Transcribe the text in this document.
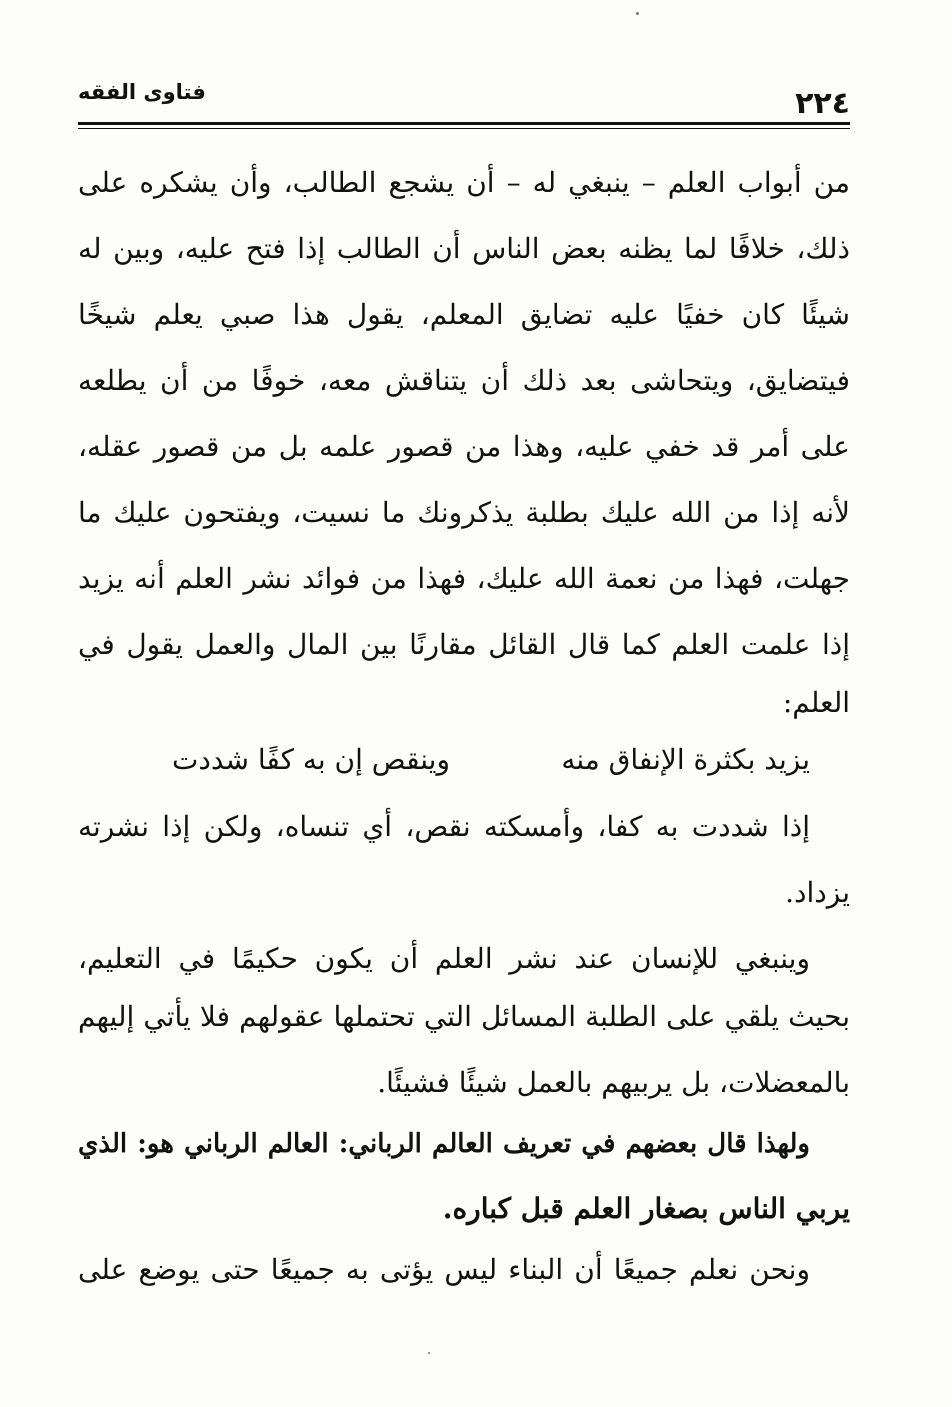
فتاوى الفقه	٢٢٤
من أبواب العلم – ينبغي له – أن يشجع الطالب، وأن يشكره على
ذلك، خلافًا لما يظنه بعض الناس أن الطالب إذا فتح عليه، وبين له
شيئًا كان خفيًا عليه تضايق المعلم، يقول هذا صبي يعلم شيخًا
فيتضايق، ويتحاشى بعد ذلك أن يتناقش معه، خوفًا من أن يطلعه
على أمر قد خفي عليه، وهذا من قصور علمه بل من قصور عقله،
لأنه إذا من الله عليك بطلبة يذكرونك ما نسيت، ويفتحون عليك ما
جهلت، فهذا من نعمة الله عليك، فهذا من فوائد نشر العلم أنه يزيد
إذا علمت العلم كما قال القائل مقارنًا بين المال والعمل يقول في
العلم:
يزيد بكثرة الإنفاق منه
وينقص إن به كفًا شددت
إذا شددت به كفا، وأمسكته نقص، أي تنساه، ولكن إذا نشرته
يزداد.
وينبغي للإنسان عند نشر العلم أن يكون حكيمًا في التعليم،
بحيث يلقي على الطلبة المسائل التي تحتملها عقولهم فلا يأتي إليهم
بالمعضلات، بل يربيهم بالعمل شيئًا فشيئًا.
ولهذا قال بعضهم في تعريف العالم الرباني: العالم الرباني هو: الذي
يربي الناس بصغار العلم قبل كباره.
ونحن نعلم جميعًا أن البناء ليس يؤتى به جميعًا حتى يوضع على
